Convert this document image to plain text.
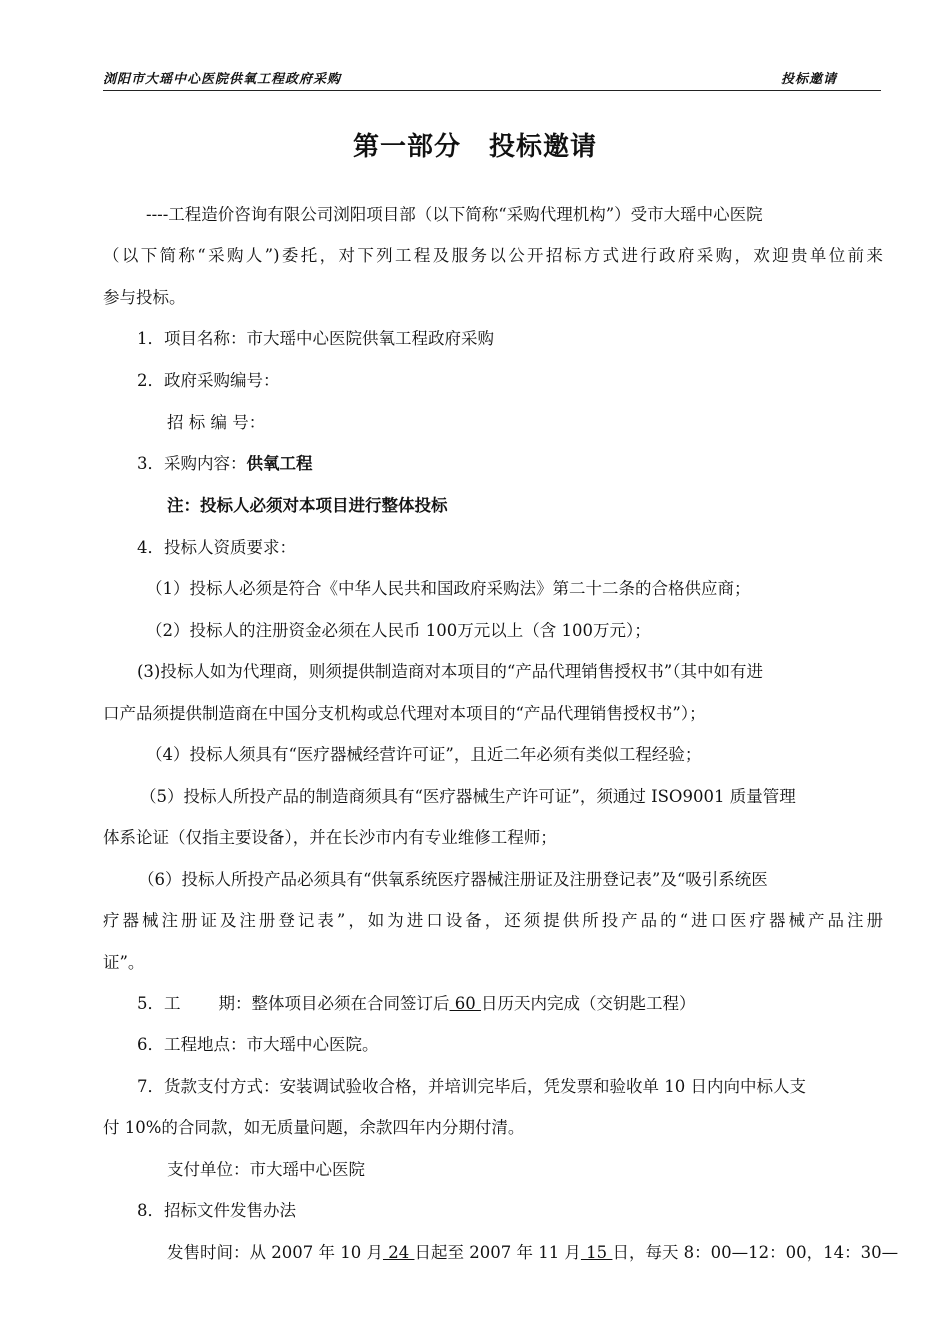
浏阳市大瑶中心医院供氧工程政府采购	投标邀请
第一部分 投标邀请
----工程造价咨询有限公司浏阳项目部（以下简称“采购代理机构”）受市大瑶中心医院
（以下简称“采购人”)委托，对下列工程及服务以公开招标方式进行政府采购，欢迎贵单位前来
参与投标。
1．项目名称：市大瑶中心医院供氧工程政府采购
2．政府采购编号：
招 标 编 号：
3．采购内容：供氧工程
注：投标人必须对本项目进行整体投标
4．投标人资质要求：
（1）投标人必须是符合《中华人民共和国政府采购法》第二十二条的合格供应商；
（2）投标人的注册资金必须在人民币 100万元以上（含 100万元）；
(3)投标人如为代理商，则须提供制造商对本项目的“产品代理销售授权书”（其中如有进
口产品须提供制造商在中国分支机构或总代理对本项目的“产品代理销售授权书”）；
（4）投标人须具有“医疗器械经营许可证”，且近二年必须有类似工程经验；
（5）投标人所投产品的制造商须具有“医疗器械生产许可证”，须通过 ISO9001 质量管理
体系论证（仅指主要设备），并在长沙市内有专业维修工程师；
（6）投标人所投产品必须具有“供氧系统医疗器械注册证及注册登记表”及“吸引系统医
疗器械注册证及注册登记表”，如为进口设备，还须提供所投产品的“进口医疗器械产品注册
证”。
5．工 期：整体项目必须在合同签订后 60 日历天内完成（交钥匙工程）
6．工程地点：市大瑶中心医院。
7．货款支付方式：安装调试验收合格，并培训完毕后，凭发票和验收单 10 日内向中标人支
付 10%的合同款，如无质量问题，余款四年内分期付清。
支付单位：市大瑶中心医院
8．招标文件发售办法
发售时间：从 2007 年 10 月 24 日起至 2007 年 11 月 15 日，每天 8：00—12：00，14：30—
